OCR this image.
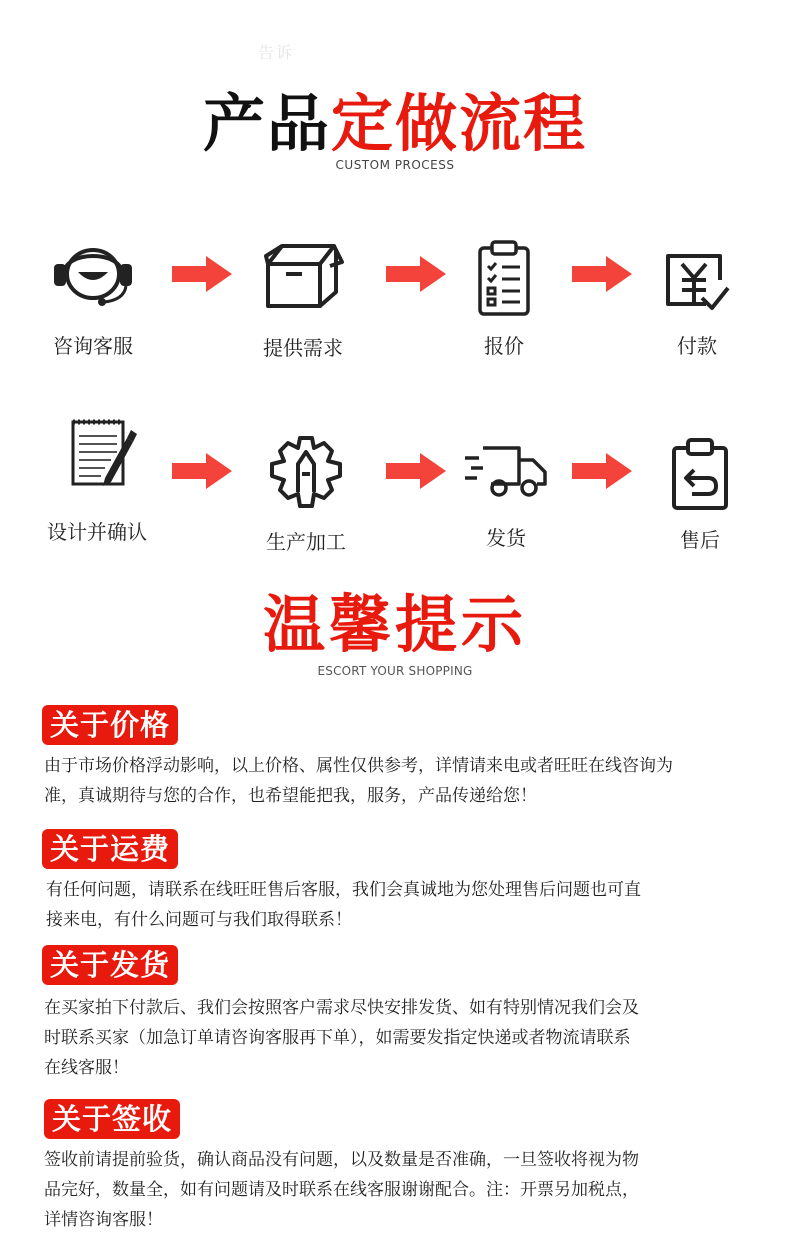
告诉
产品定做流程
CUSTOM PROCESS
咨询客服	提供需求	报价	付款
设计并确认	生产加工	发货	售后
温馨提示
ESCORT YOUR SHOPPING
关于价格
由于市场价格浮动影响，以上价格、属性仅供参考，详情请来电或者旺旺在线咨询为
准，真诚期待与您的合作，也希望能把我，服务，产品传递给您！
关于运费
有任何问题，请联系在线旺旺售后客服，我们会真诚地为您处理售后问题也可直
接来电，有什么问题可与我们取得联系！
关于发货
在买家拍下付款后、我们会按照客户需求尽快安排发货、如有特别情况我们会及
时联系买家（加急订单请咨询客服再下单），如需要发指定快递或者物流请联系
在线客服！
关于签收
签收前请提前验货，确认商品没有问题，以及数量是否准确，一旦签收将视为物
品完好，数量全，如有问题请及时联系在线客服谢谢配合。注：开票另加税点，
详情咨询客服！
